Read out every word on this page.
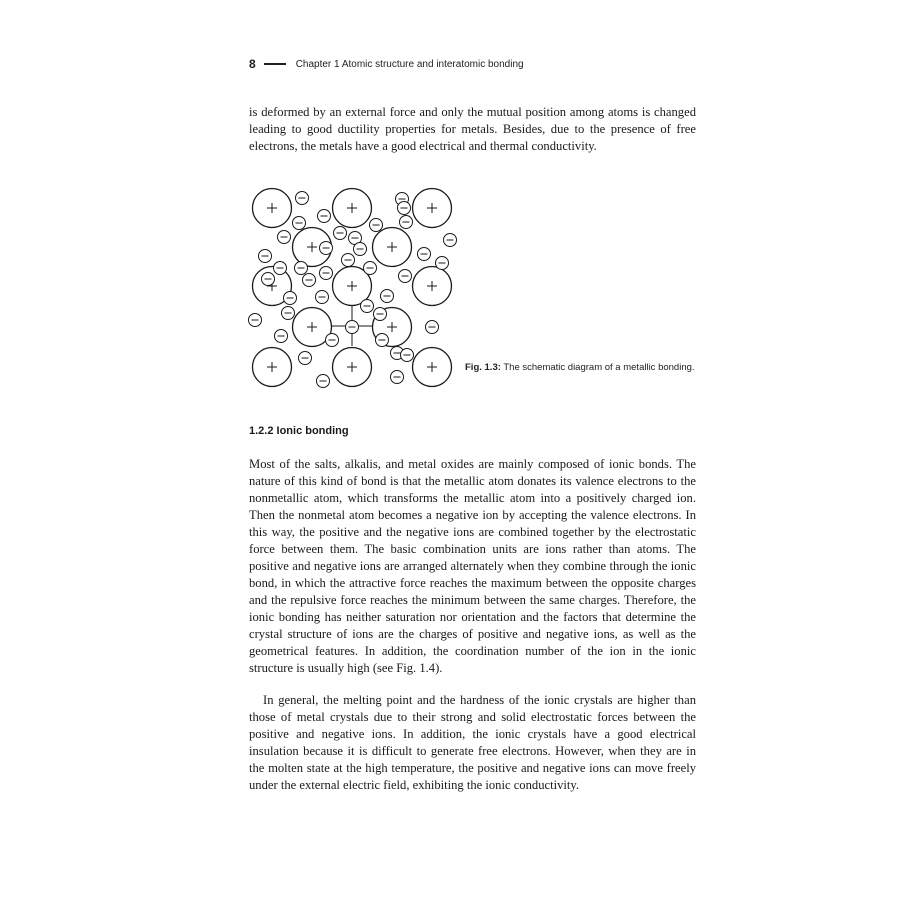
8	Chapter 1 Atomic structure and interatomic bonding

is deformed by an external force and only the mutual position among atoms is changed leading to good ductility properties for metals. Besides, due to the presence of free electrons, the metals have a good electrical and thermal conductivity.

Fig. 1.3: The schematic diagram of a metallic bonding.
1.2.2 Ionic bonding

Most of the salts, alkalis, and metal oxides are mainly composed of ionic bonds. The nature of this kind of bond is that the metallic atom donates its valence electrons to the nonmetallic atom, which transforms the metallic atom into a positively charged ion. Then the nonmetal atom becomes a negative ion by accepting the valence electrons. In this way, the positive and the negative ions are combined together by the electrostatic force between them. The basic combination units are ions rather than atoms. The positive and negative ions are arranged alternately when they combine through the ionic bond, in which the attractive force reaches the maximum between the opposite charges and the repulsive force reaches the minimum between the same charges. Therefore, the ionic bonding has neither saturation nor orientation and the factors that determine the crystal structure of ions are the charges of positive and negative ions, as well as the geometrical features. In addition, the coordination number of the ion in the ionic structure is usually high (see Fig. 1.4).

In general, the melting point and the hardness of the ionic crystals are higher than those of metal crystals due to their strong and solid electrostatic forces between the positive and negative ions. In addition, the ionic crystals have a good electrical insulation because it is difficult to generate free electrons. However, when they are in the molten state at the high temperature, the positive and negative ions can move freely under the external electric field, exhibiting the ionic conductivity.
